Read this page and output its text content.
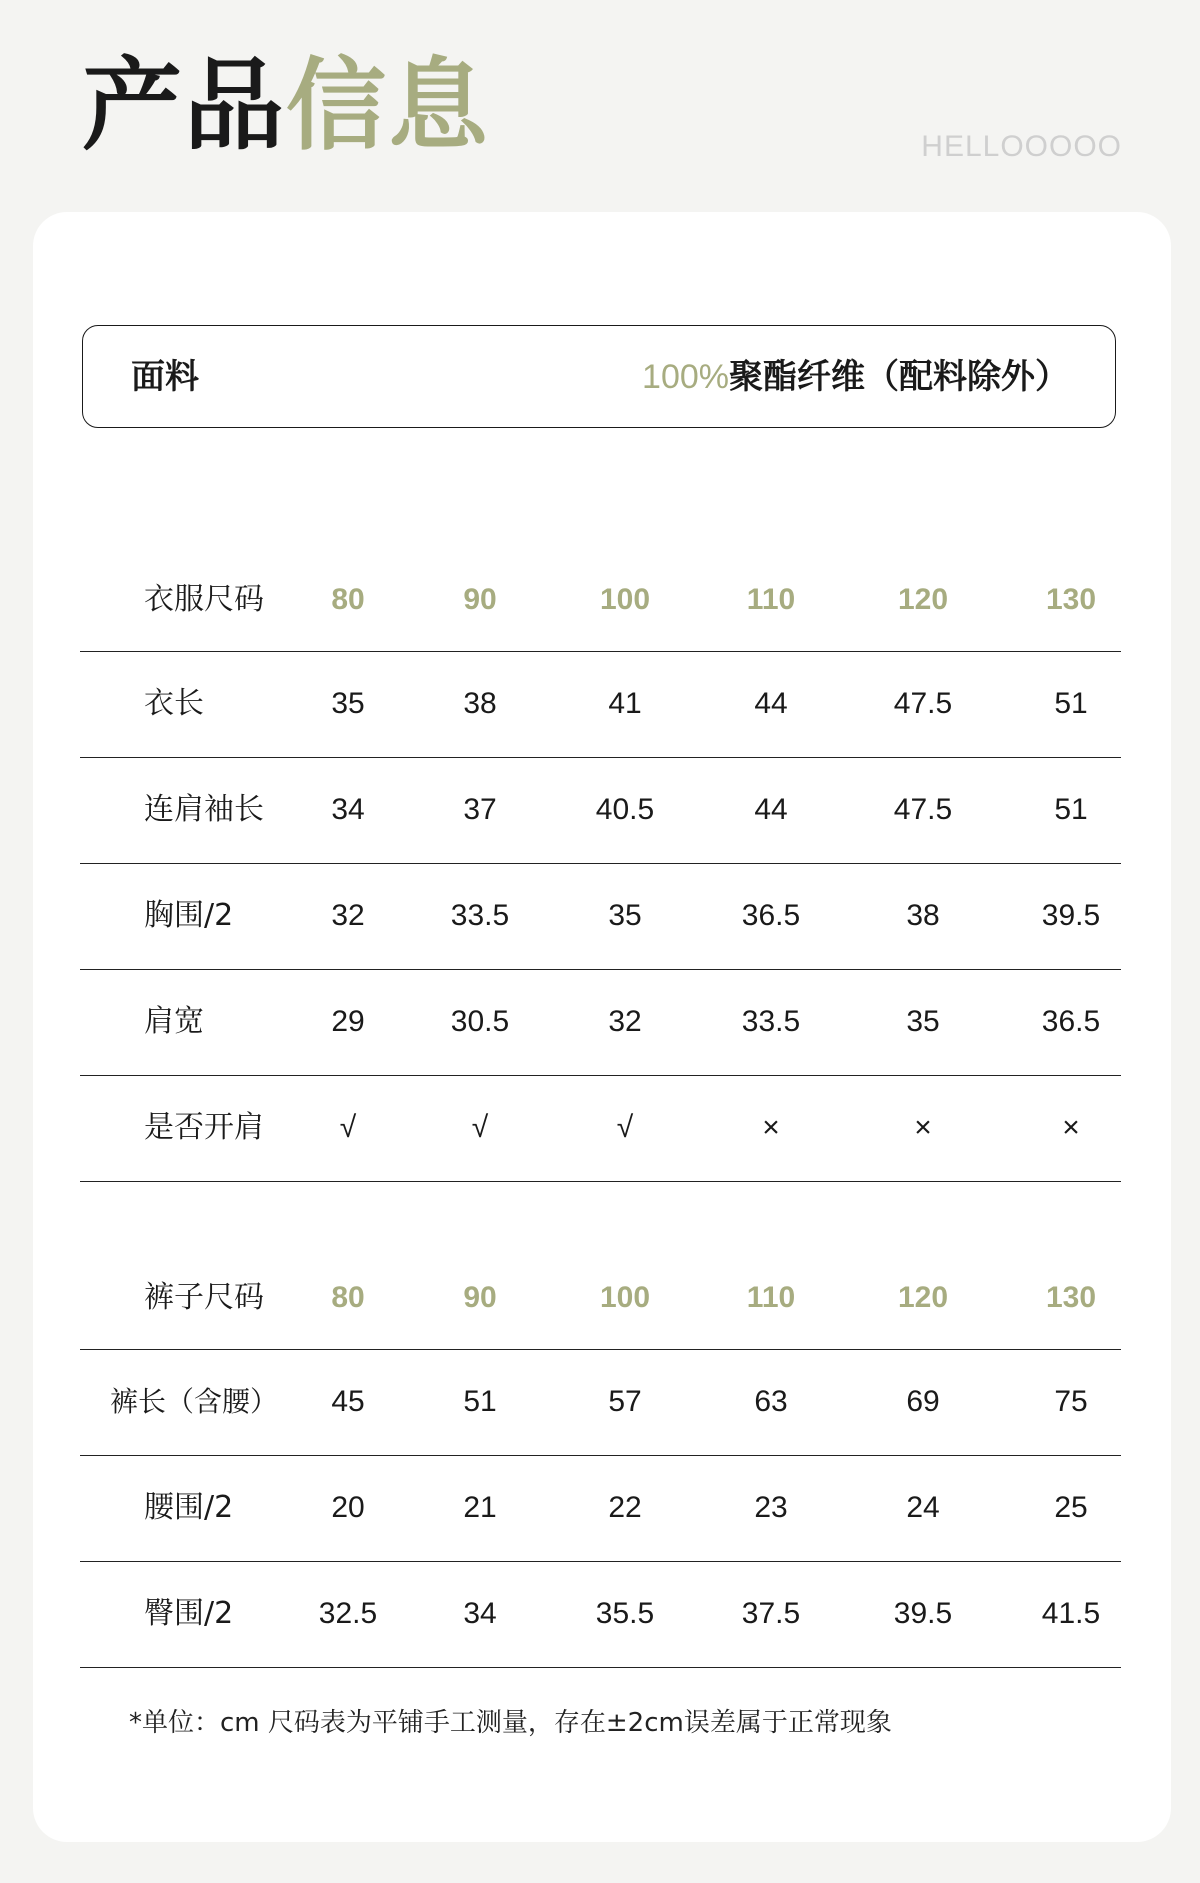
产品信息	HELLOOOOO
面料	100%聚酯纤维（配料除外）
衣服尺码	80	90	100	110	120	130
衣长	35	38	41	44	47.5	51
连肩袖长	34	37	40.5	44	47.5	51
胸围/2	32	33.5	35	36.5	38	39.5
肩宽	29	30.5	32	33.5	35	36.5
是否开肩	√	√	√	×	×	×
裤子尺码	80	90	100	110	120	130
裤长（含腰）	45	51	57	63	69	75
腰围/2	20	21	22	23	24	25
臀围/2	32.5	34	35.5	37.5	39.5	41.5
*单位：cm 尺码表为平铺手工测量，存在±2cm误差属于正常现象
